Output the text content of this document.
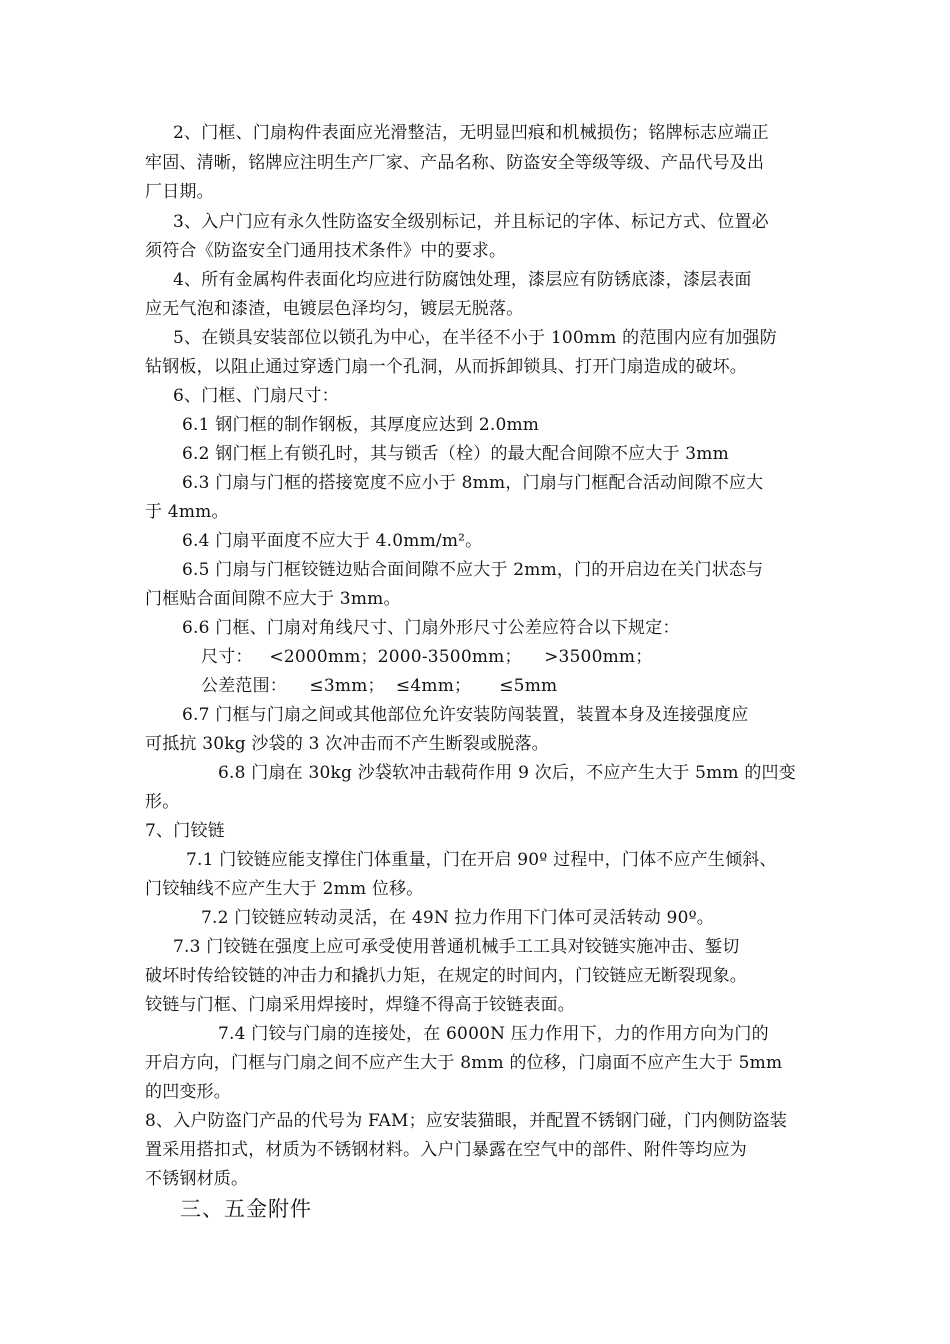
2、门框、门扇构件表面应光滑整洁，无明显凹痕和机械损伤；铭牌标志应端正
牢固、清晰，铭牌应注明生产厂家、产品名称、防盗安全等级等级、产品代号及出
厂日期。
3、入户门应有永久性防盗安全级别标记，并且标记的字体、标记方式、位置必
须符合《防盗安全门通用技术条件》中的要求。
4、所有金属构件表面化均应进行防腐蚀处理，漆层应有防锈底漆，漆层表面
应无气泡和漆渣，电镀层色泽均匀，镀层无脱落。
5、在锁具安装部位以锁孔为中心，在半径不小于 100mm 的范围内应有加强防
钻钢板，以阻止通过穿透门扇一个孔洞，从而拆卸锁具、打开门扇造成的破坏。
6、门框、门扇尺寸：
6.1 钢门框的制作钢板，其厚度应达到 2.0mm
6.2 钢门框上有锁孔时，其与锁舌（栓）的最大配合间隙不应大于 3mm
6.3 门扇与门框的搭接宽度不应小于 8mm，门扇与门框配合活动间隙不应大
于 4mm。
6.4 门扇平面度不应大于 4.0mm/m²。
6.5 门扇与门框铰链边贴合面间隙不应大于 2mm，门的开启边在关门状态与
门框贴合面间隙不应大于 3mm。
6.6 门框、门扇对角线尺寸、门扇外形尺寸公差应符合以下规定：
尺寸：   <2000mm；2000-3500mm；    >3500mm；
公差范围：    ≤3mm；  ≤4mm；     ≤5mm
6.7 门框与门扇之间或其他部位允许安装防闯装置，装置本身及连接强度应
可抵抗 30kg 沙袋的 3 次冲击而不产生断裂或脱落。
6.8 门扇在 30kg 沙袋软冲击载荷作用 9 次后，不应产生大于 5mm 的凹变
形。
7、门铰链
7.1 门铰链应能支撑住门体重量，门在开启 90º 过程中，门体不应产生倾斜、
门铰轴线不应产生大于 2mm 位移。
7.2 门铰链应转动灵活，在 49N 拉力作用下门体可灵活转动 90º。
7.3 门铰链在强度上应可承受使用普通机械手工工具对铰链实施冲击、錾切
破坏时传给铰链的冲击力和撬扒力矩，在规定的时间内，门铰链应无断裂现象。
铰链与门框、门扇采用焊接时，焊缝不得高于铰链表面。
7.4 门铰与门扇的连接处，在 6000N 压力作用下，力的作用方向为门的
开启方向，门框与门扇之间不应产生大于 8mm 的位移，门扇面不应产生大于 5mm
的凹变形。
8、入户防盗门产品的代号为 FAM；应安装猫眼，并配置不锈钢门碰，门内侧防盗装
置采用搭扣式，材质为不锈钢材料。入户门暴露在空气中的部件、附件等均应为
不锈钢材质。
三、五金附件
